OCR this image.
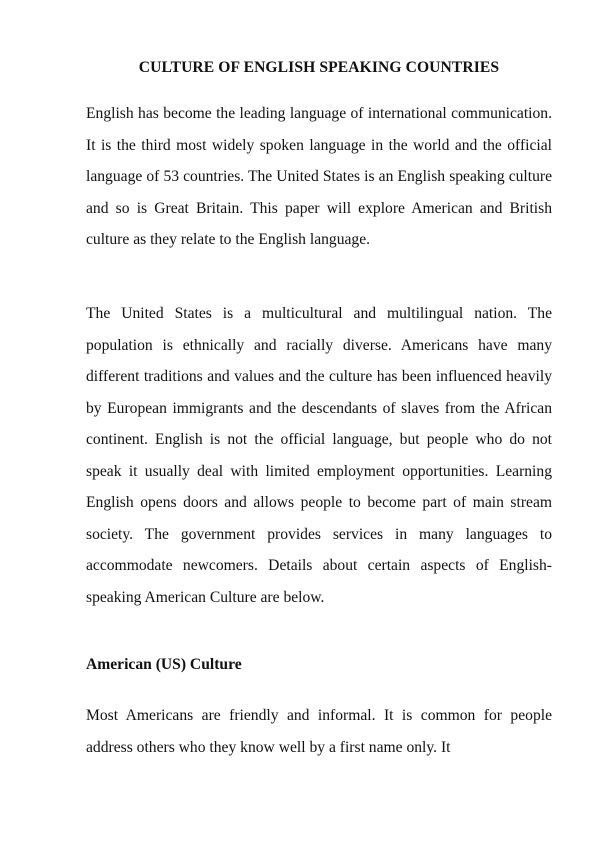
CULTURE OF ENGLISH SPEAKING COUNTRIES

English has become the leading language of international communication. It is the third most widely spoken language in the world and the official language of 53 countries. The United States is an English speaking culture and so is Great Britain. This paper will explore American and British culture as they relate to the English language.

The United States is a multicultural and multilingual nation. The population is ethnically and racially diverse. Americans have many different traditions and values and the culture has been influenced heavily by European immigrants and the descendants of slaves from the African continent. English is not the official language, but people who do not speak it usually deal with limited employment opportunities. Learning English opens doors and allows people to become part of main stream society. The government provides services in many languages to accommodate newcomers. Details about certain aspects of English-speaking American Culture are below.

American (US) Culture

Most Americans are friendly and informal. It is common for people address others who they know well by a first name only. It
